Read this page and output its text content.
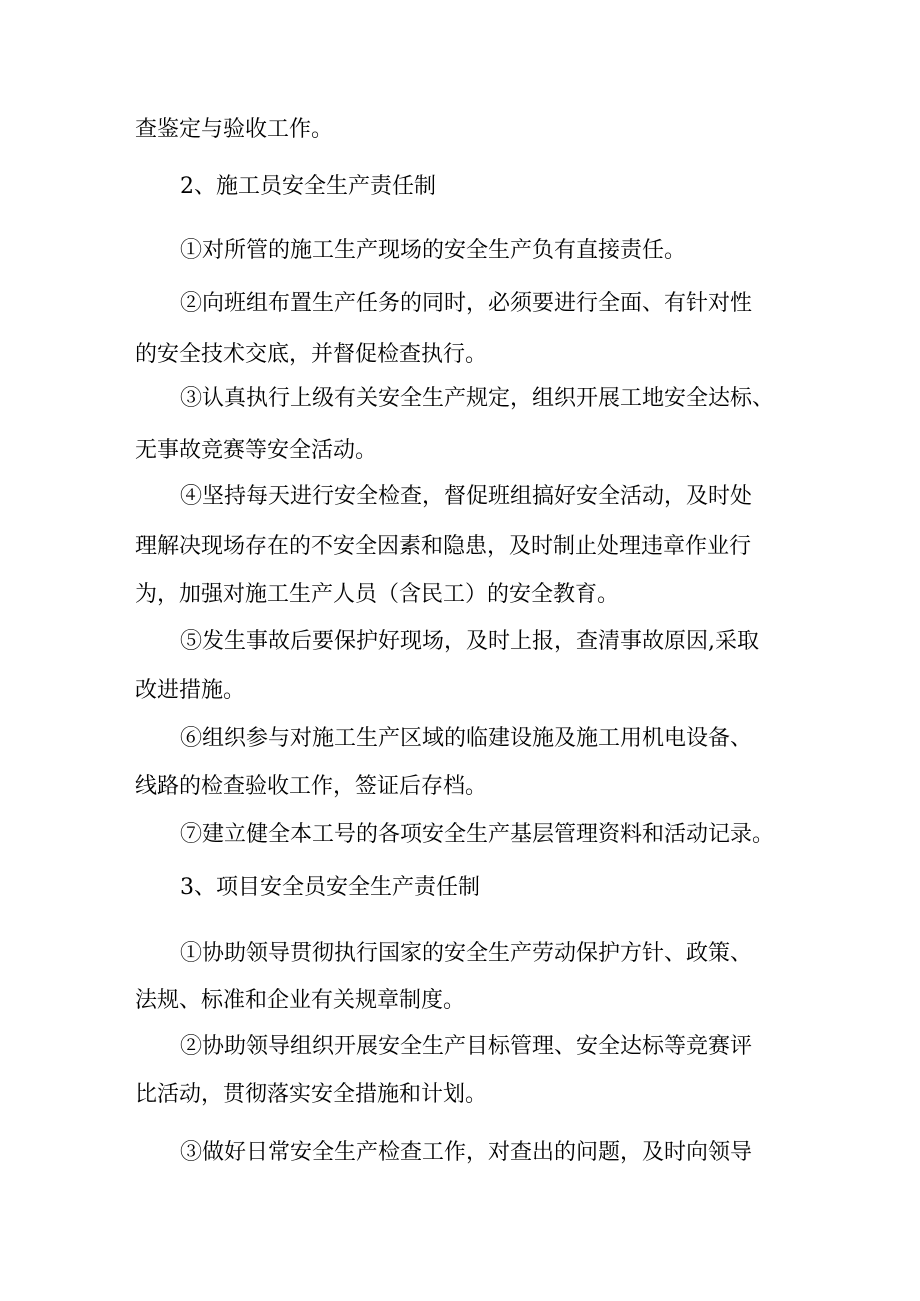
查鉴定与验收工作。
2、施工员安全生产责任制
①对所管的施工生产现场的安全生产负有直接责任。
②向班组布置生产任务的同时，必须要进行全面、有针对性
的安全技术交底，并督促检查执行。
③认真执行上级有关安全生产规定，组织开展工地安全达标、
无事故竞赛等安全活动。
④坚持每天进行安全检查，督促班组搞好安全活动，及时处
理解决现场存在的不安全因素和隐患，及时制止处理违章作业行
为，加强对施工生产人员（含民工）的安全教育。
⑤发生事故后要保护好现场，及时上报，查清事故原因,采取
改进措施。
⑥组织参与对施工生产区域的临建设施及施工用机电设备、
线路的检查验收工作，签证后存档。
⑦建立健全本工号的各项安全生产基层管理资料和活动记录。
3、项目安全员安全生产责任制
①协助领导贯彻执行国家的安全生产劳动保护方针、政策、
法规、标准和企业有关规章制度。
②协助领导组织开展安全生产目标管理、安全达标等竞赛评
比活动，贯彻落实安全措施和计划。
③做好日常安全生产检查工作，对查出的问题，及时向领导
